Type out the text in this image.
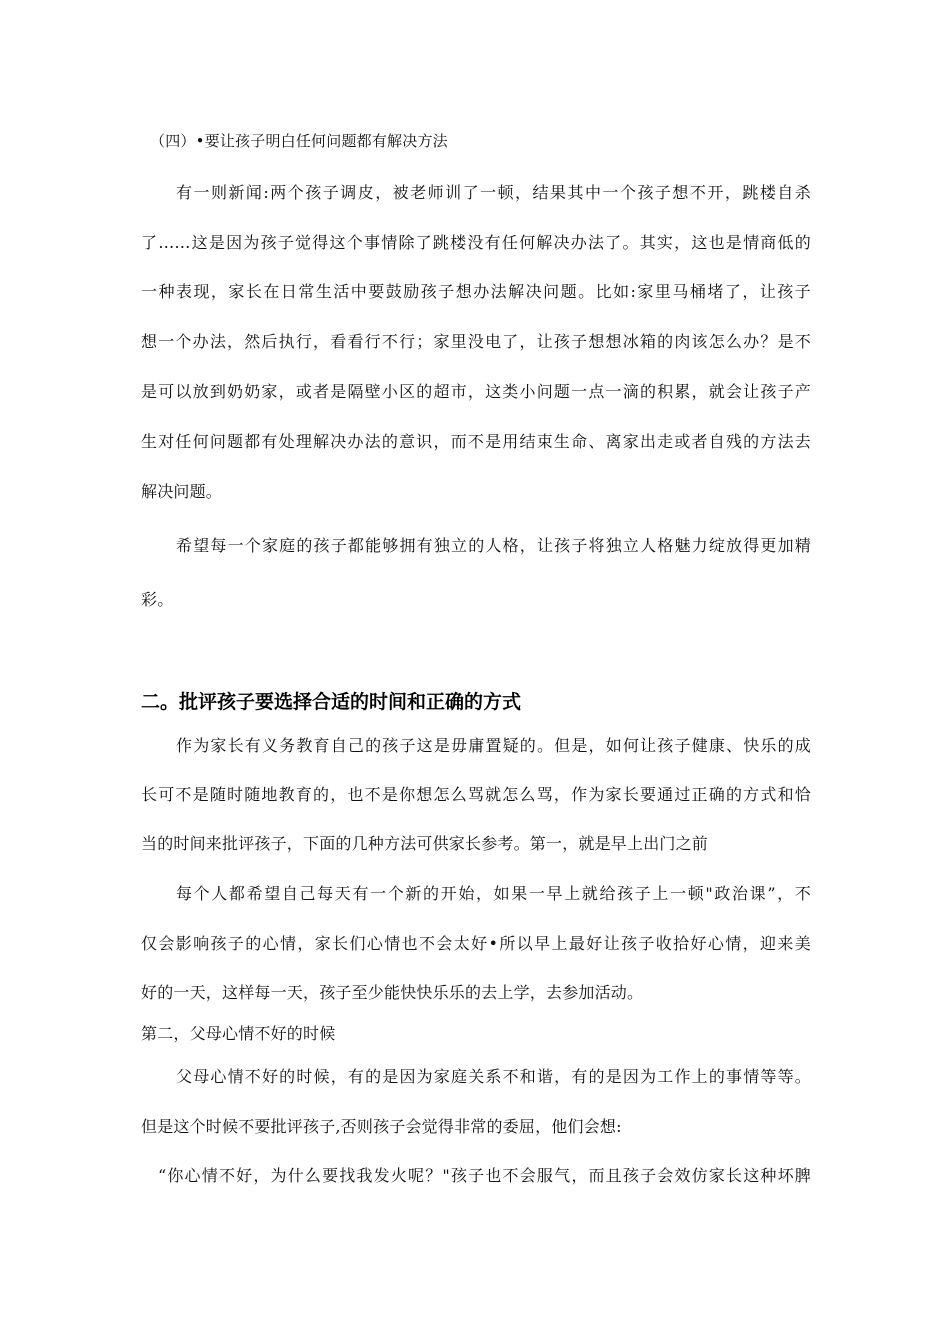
（四）•要让孩子明白任何问题都有解决方法
有一则新闻:两个孩子调皮，被老师训了一顿，结果其中一个孩子想不开，跳楼自杀
了……这是因为孩子觉得这个事情除了跳楼没有任何解决办法了。其实，这也是情商低的
一种表现，家长在日常生活中要鼓励孩子想办法解决问题。比如:家里马桶堵了，让孩子
想一个办法，然后执行，看看行不行；家里没电了，让孩子想想冰箱的肉该怎么办？是不
是可以放到奶奶家，或者是隔壁小区的超市，这类小问题一点一滴的积累，就会让孩子产
生对任何问题都有处理解决办法的意识，而不是用结束生命、离家出走或者自残的方法去
解决问题。
希望每一个家庭的孩子都能够拥有独立的人格，让孩子将独立人格魅力绽放得更加精
彩。
二。批评孩子要选择合适的时间和正确的方式
作为家长有义务教育自己的孩子这是毋庸置疑的。但是，如何让孩子健康、快乐的成
长可不是随时随地教育的，也不是你想怎么骂就怎么骂，作为家长要通过正确的方式和恰
当的时间来批评孩子，下面的几种方法可供家长参考。第一，就是早上出门之前
每个人都希望自己每天有一个新的开始，如果一早上就给孩子上一顿"政治课”，不
仅会影响孩子的心情，家长们心情也不会太好•所以早上最好让孩子收拾好心情，迎来美
好的一天，这样每一天，孩子至少能快快乐乐的去上学，去参加活动。
第二，父母心情不好的时候
父母心情不好的时候，有的是因为家庭关系不和谐，有的是因为工作上的事情等等。
但是这个时候不要批评孩子,否则孩子会觉得非常的委屈，他们会想:
“你心情不好，为什么要找我发火呢？"孩子也不会服气，而且孩子会效仿家长这种坏脾
